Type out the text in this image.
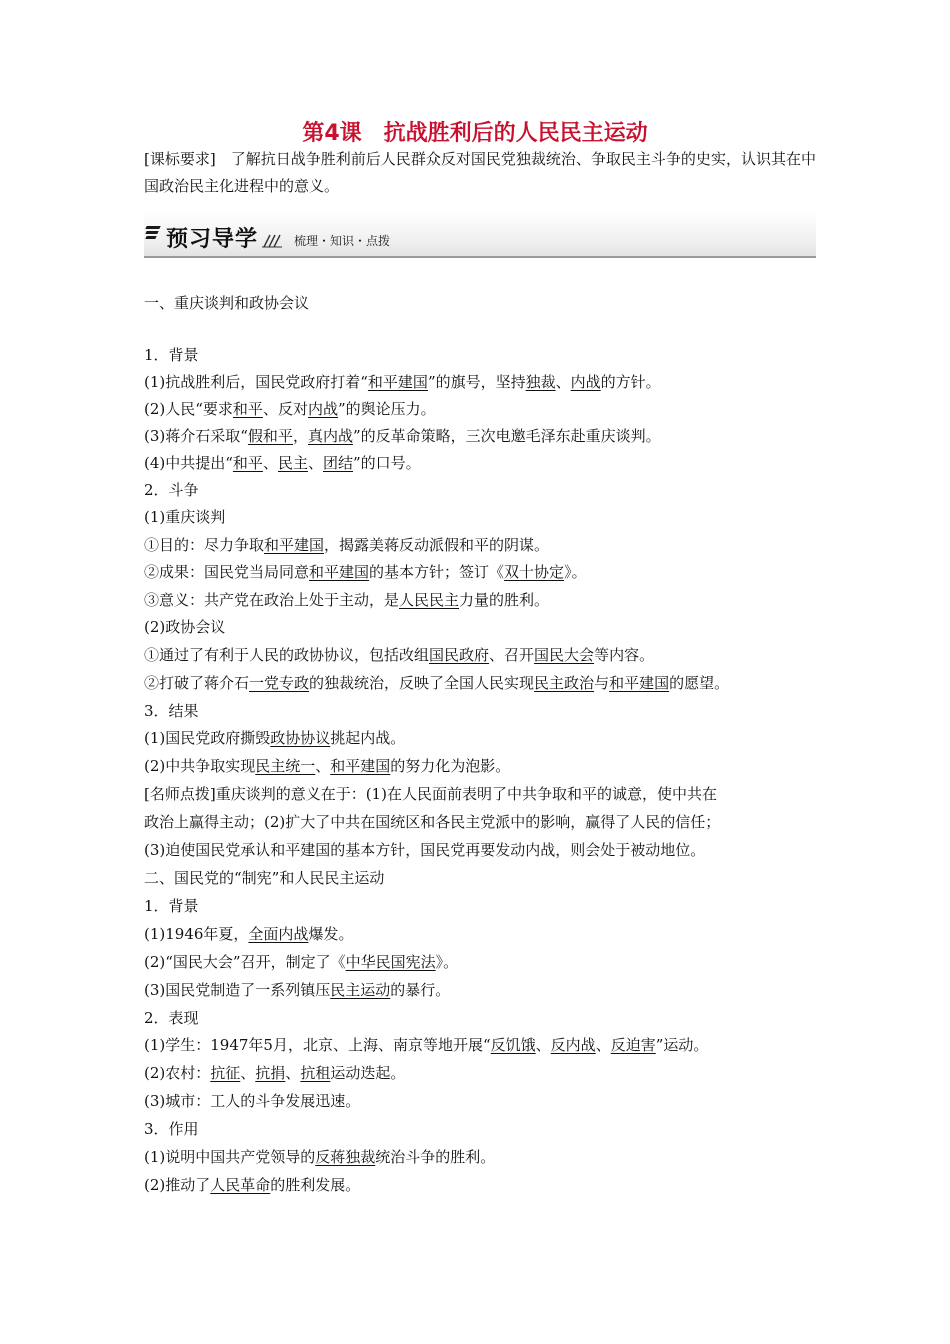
第4课　抗战胜利后的人民民主运动
[课标要求]　了解抗日战争胜利前后人民群众反对国民党独裁统治、争取民主斗争的史实，认识其在中国政治民主化进程中的意义。
预习导学	梳理・知识・点拨
一、重庆谈判和政协会议
1．背景
(1)抗战胜利后，国民党政府打着“和平建国”的旗号，坚持独裁、内战的方针。
(2)人民“要求和平、反对内战”的舆论压力。
(3)蒋介石采取“假和平，真内战”的反革命策略，三次电邀毛泽东赴重庆谈判。
(4)中共提出“和平、民主、团结”的口号。
2．斗争
(1)重庆谈判
①目的：尽力争取和平建国，揭露美蒋反动派假和平的阴谋。
②成果：国民党当局同意和平建国的基本方针；签订《双十协定》。
③意义：共产党在政治上处于主动，是人民民主力量的胜利。
(2)政协会议
①通过了有利于人民的政协协议，包括改组国民政府、召开国民大会等内容。
②打破了蒋介石一党专政的独裁统治，反映了全国人民实现民主政治与和平建国的愿望。
3．结果
(1)国民党政府撕毁政协协议挑起内战。
(2)中共争取实现民主统一、和平建国的努力化为泡影。
[名师点拨]重庆谈判的意义在于：(1)在人民面前表明了中共争取和平的诚意，使中共在
政治上赢得主动；(2)扩大了中共在国统区和各民主党派中的影响，赢得了人民的信任；
(3)迫使国民党承认和平建国的基本方针，国民党再要发动内战，则会处于被动地位。
二、国民党的“制宪”和人民民主运动
1．背景
(1)1946年夏，全面内战爆发。
(2)“国民大会”召开，制定了《中华民国宪法》。
(3)国民党制造了一系列镇压民主运动的暴行。
2．表现
(1)学生：1947年5月，北京、上海、南京等地开展“反饥饿、反内战、反迫害”运动。
(2)农村：抗征、抗捐、抗租运动迭起。
(3)城市：工人的斗争发展迅速。
3．作用
(1)说明中国共产党领导的反蒋独裁统治斗争的胜利。
(2)推动了人民革命的胜利发展。
